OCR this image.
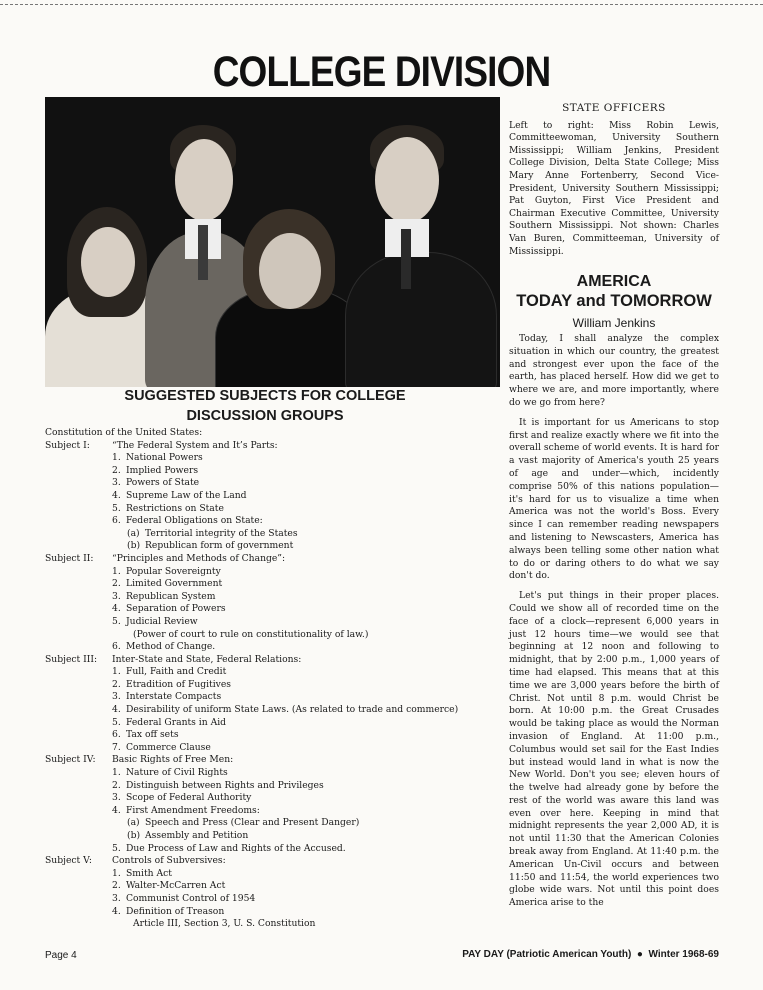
COLLEGE DIVISION
STATE OFFICERS
Left to right: Miss Robin Lewis, Committeewoman, University Southern Mississippi; William Jenkins, President College Division, Delta State College; Miss Mary Anne Fortenberry, Second Vice-President, University Southern Mississippi; Pat Guyton, First Vice President and Chairman Executive Committee, University Southern Mississippi. Not shown: Charles Van Buren, Committeeman, University of Mississippi.
AMERICA
TODAY and TOMORROW
William Jenkins

Today, I shall analyze the complex situation in which our country, the greatest and strongest ever upon the face of the earth, has placed herself. How did we get to where we are, and more importantly, where do we go from here?

It is important for us Americans to stop first and realize exactly where we fit into the overall scheme of world events. It is hard for a vast majority of America's youth 25 years of age and under—which, incidently comprise 50% of this nations population—it's hard for us to visualize a time when America was not the world's Boss. Every since I can remember reading newspapers and listening to Newscasters, America has always been telling some other nation what to do or daring others to do what we say don't do.

Let's put things in their proper places. Could we show all of recorded time on the face of a clock—represent 6,000 years in just 12 hours time—we would see that beginning at 12 noon and following to midnight, that by 2:00 p.m., 1,000 years of time had elapsed. This means that at this time we are 3,000 years before the birth of Christ. Not until 8 p.m. would Christ be born. At 10:00 p.m. the Great Crusades would be taking place as would the Norman invasion of England. At 11:00 p.m., Columbus would set sail for the East Indies but instead would land in what is now the New World. Don't you see; eleven hours of the twelve had already gone by before the rest of the world was aware this land was even over here. Keeping in mind that midnight represents the year 2,000 AD, it is not until 11:30 that the American Colonies break away from England. At 11:40 p.m. the American Un-Civil occurs and between 11:50 and 11:54, the world experiences two globe wide wars. Not until this point does America arise to the

SUGGESTED SUBJECTS FOR COLLEGE
DISCUSSION GROUPS
Constitution of the United States:
Subject I: “The Federal System and It’s Parts:
1. National Powers
2. Implied Powers
3. Powers of State
4. Supreme Law of the Land
5. Restrictions on State
6. Federal Obligations on State:
(a) Territorial integrity of the States
(b) Republican form of government
Subject II: “Principles and Methods of Change”:
1. Popular Sovereignty
2. Limited Government
3. Republican System
4. Separation of Powers
5. Judicial Review
(Power of court to rule on constitutionality of law.)
6. Method of Change.
Subject III: Inter-State and State, Federal Relations:
1. Full, Faith and Credit
2. Etradition of Fugitives
3. Interstate Compacts
4. Desirability of uniform State Laws. (As related to trade and commerce)
5. Federal Grants in Aid
6. Tax off sets
7. Commerce Clause
Subject IV: Basic Rights of Free Men:
1. Nature of Civil Rights
2. Distinguish between Rights and Privileges
3. Scope of Federal Authority
4. First Amendment Freedoms:
(a) Speech and Press (Clear and Present Danger)
(b) Assembly and Petition
5. Due Process of Law and Rights of the Accused.
Subject V: Controls of Subversives:
1. Smith Act
2. Walter-McCarren Act
3. Communist Control of 1954
4. Definition of Treason
Article III, Section 3, U. S. Constitution
Page 4	PAY DAY (Patriotic American Youth) ● Winter 1968-69
